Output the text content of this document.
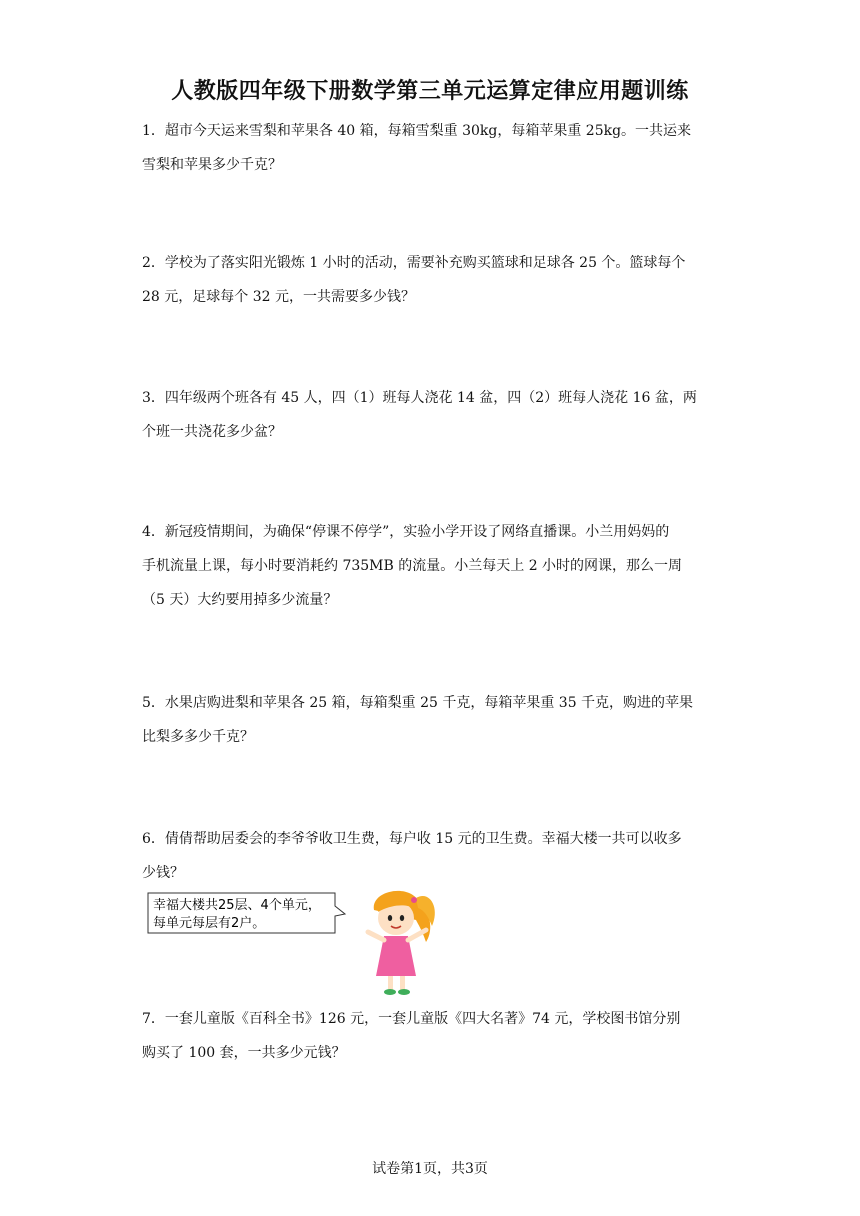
人教版四年级下册数学第三单元运算定律应用题训练
1．超市今天运来雪梨和苹果各 40 箱，每箱雪梨重 30kg，每箱苹果重 25kg。一共运来
雪梨和苹果多少千克？
2．学校为了落实阳光锻炼 1 小时的活动，需要补充购买篮球和足球各 25 个。篮球每个
28 元，足球每个 32 元，一共需要多少钱？
3．四年级两个班各有 45 人，四（1）班每人浇花 14 盆，四（2）班每人浇花 16 盆，两
个班一共浇花多少盆？
4．新冠疫情期间，为确保“停课不停学”，实验小学开设了网络直播课。小兰用妈妈的
手机流量上课，每小时要消耗约 735MB 的流量。小兰每天上 2 小时的网课，那么一周
（5 天）大约要用掉多少流量？
5．水果店购进梨和苹果各 25 箱，每箱梨重 25 千克，每箱苹果重 35 千克，购进的苹果
比梨多多少千克？
6．倩倩帮助居委会的李爷爷收卫生费，每户收 15 元的卫生费。幸福大楼一共可以收多
少钱？
幸福大楼共25层、4个单元，
每单元每层有2户。
7．一套儿童版《百科全书》126 元，一套儿童版《四大名著》74 元，学校图书馆分别
购买了 100 套，一共多少元钱？
试卷第1页，共3页
